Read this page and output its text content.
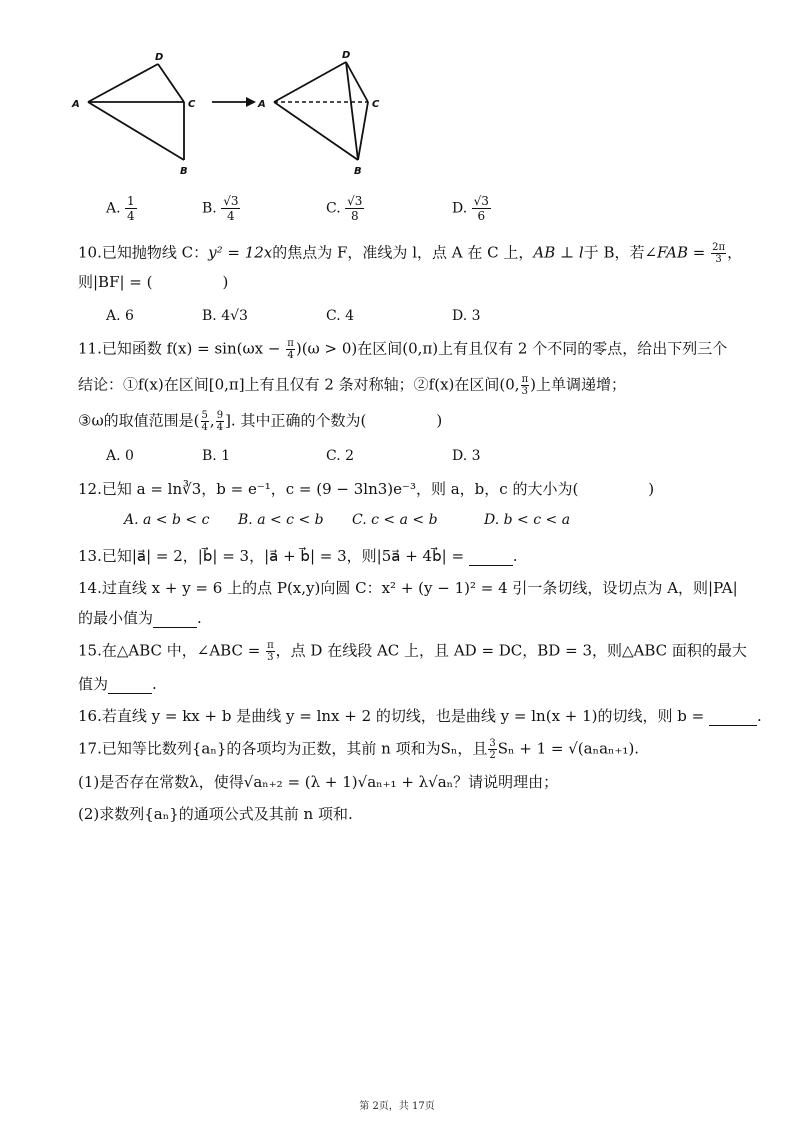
D
A	C
B
D
A	C
B
A. $\frac{1}{4}$	B. $\frac{√3}{4}$	C. $\frac{√3}{8}$	D. $\frac{√3}{6}$
10.已知抛物线 C：y² = 12x的焦点为 F，准线为 l，点 A 在 C 上，AB ⊥ l于 B，若∠FAB = $\frac{2\pi}{3}$ ，
则|BF| = (	)
A. 6	B. 4√3	C. 4	D. 3
11.已知函数 $f(x) = \sin(\omega x - \frac{\pi}{4} )(\omega > 0)$在区间(0,π)上有且仅有 2 个不同的零点，给出下列三个
结论：①f(x)在区间[0,π]上有且仅有 2 条对称轴；②f(x)在区间(0, $\frac{\pi}{3}$ )上单调递增；
③ω的取值范围是( $\frac{5}{4}$ , $\frac{9}{4}$ ]. 其中正确的个数为(	)
A. 0	B. 1	C. 2	D. 3
12.已知 a = ln∛3，b = e⁻¹，c = (9 − 3ln3)e⁻³，则 a，b，c 的大小为(	)
A. a < b < c B. a < c < b C. c < a < b	D. b < c < a
13.已知|a⃗| = 2，|b⃗| = 3，|a⃗ + b⃗| = 3，则|5a⃗ + 4b⃗| =	.
14.过直线 x + y = 6 上的点 P(x,y)向圆 C：x² + (y − 1)² = 4 引一条切线，设切点为 A，则|PA|
的最小值为	.
15.在△ABC 中，∠ABC = $\frac{\pi}{3}$ ，点 D 在线段 AC 上，且 AD = DC，BD = 3，则△ABC 面积的最大
值为	.
16.若直线 y = kx + b 是曲线 y = lnx + 2 的切线，也是曲线 y = ln(x + 1)的切线，则 b =	.
17.已知等比数列{aₙ}的各项均为正数，其前 n 项和为Sₙ，且 $\frac{3}{2}$ Sₙ + 1 = √(aₙaₙ₊₁).
(1)是否存在常数λ，使得√aₙ₊₂ = (λ + 1)√aₙ₊₁ + λ√aₙ？请说明理由；
(2)求数列{aₙ}的通项公式及其前 n 项和.
第 2页，共 17页
